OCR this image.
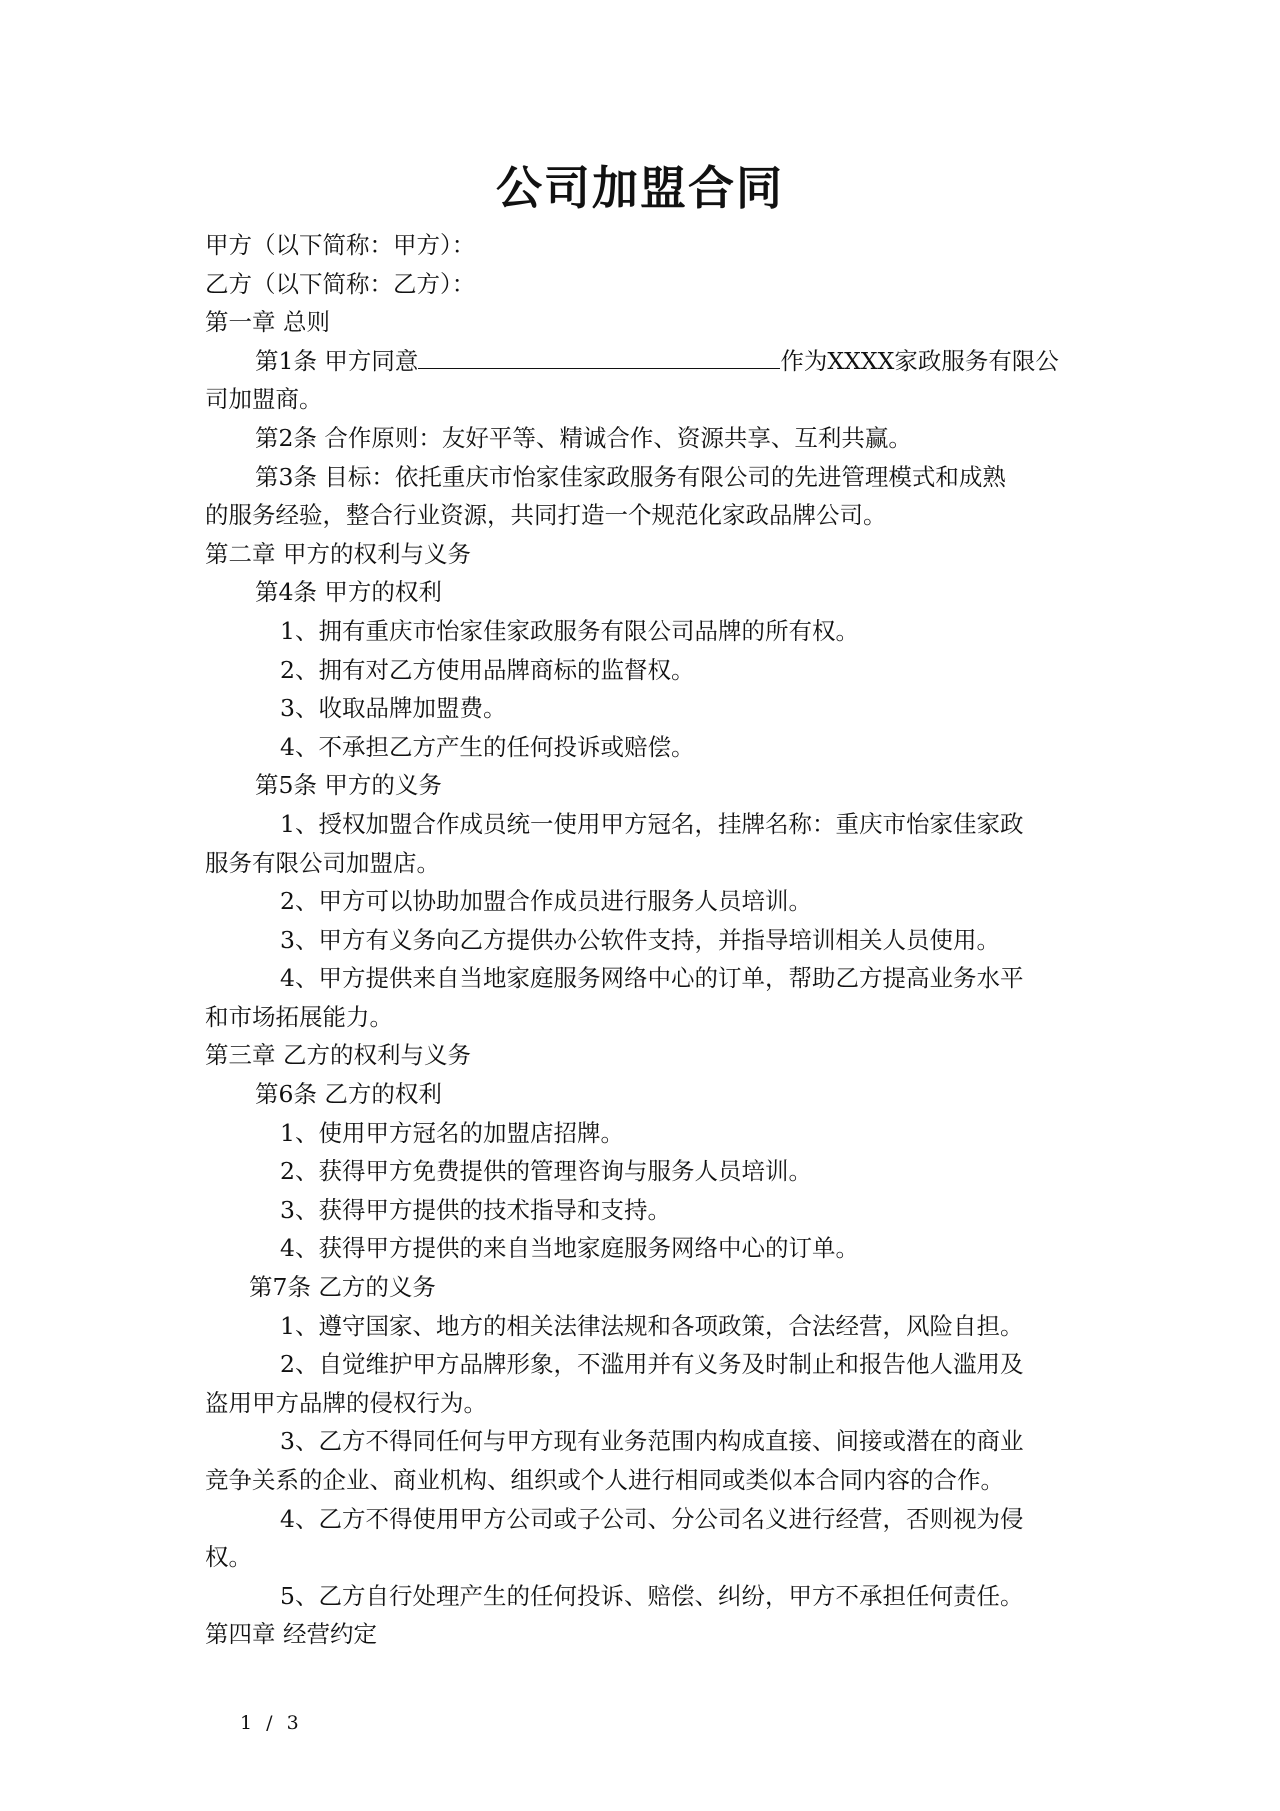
公司加盟合同
甲方（以下简称：甲方）：
乙方（以下简称：乙方）：
第一章 总则
第1条 甲方同意	作为XXXX家政服务有限公
司加盟商。
第2条 合作原则：友好平等、精诚合作、资源共享、互利共赢。
第3条 目标：依托重庆市怡家佳家政服务有限公司的先进管理模式和成熟
的服务经验，整合行业资源，共同打造一个规范化家政品牌公司。
第二章 甲方的权利与义务
第4条 甲方的权利
1、拥有重庆市怡家佳家政服务有限公司品牌的所有权。
2、拥有对乙方使用品牌商标的监督权。
3、收取品牌加盟费。
4、不承担乙方产生的任何投诉或赔偿。
第5条 甲方的义务
1、授权加盟合作成员统一使用甲方冠名，挂牌名称：重庆市怡家佳家政
服务有限公司加盟店。
2、甲方可以协助加盟合作成员进行服务人员培训。
3、甲方有义务向乙方提供办公软件支持，并指导培训相关人员使用。
4、甲方提供来自当地家庭服务网络中心的订单，帮助乙方提高业务水平
和市场拓展能力。
第三章 乙方的权利与义务
第6条 乙方的权利
1、使用甲方冠名的加盟店招牌。
2、获得甲方免费提供的管理咨询与服务人员培训。
3、获得甲方提供的技术指导和支持。
4、获得甲方提供的来自当地家庭服务网络中心的订单。
第7条 乙方的义务
1、遵守国家、地方的相关法律法规和各项政策，合法经营，风险自担。
2、自觉维护甲方品牌形象，不滥用并有义务及时制止和报告他人滥用及
盗用甲方品牌的侵权行为。
3、乙方不得同任何与甲方现有业务范围内构成直接、间接或潜在的商业
竞争关系的企业、商业机构、组织或个人进行相同或类似本合同内容的合作。
4、乙方不得使用甲方公司或子公司、分公司名义进行经营，否则视为侵
权。
5、乙方自行处理产生的任何投诉、赔偿、纠纷，甲方不承担任何责任。
第四章 经营约定
1 / 3
